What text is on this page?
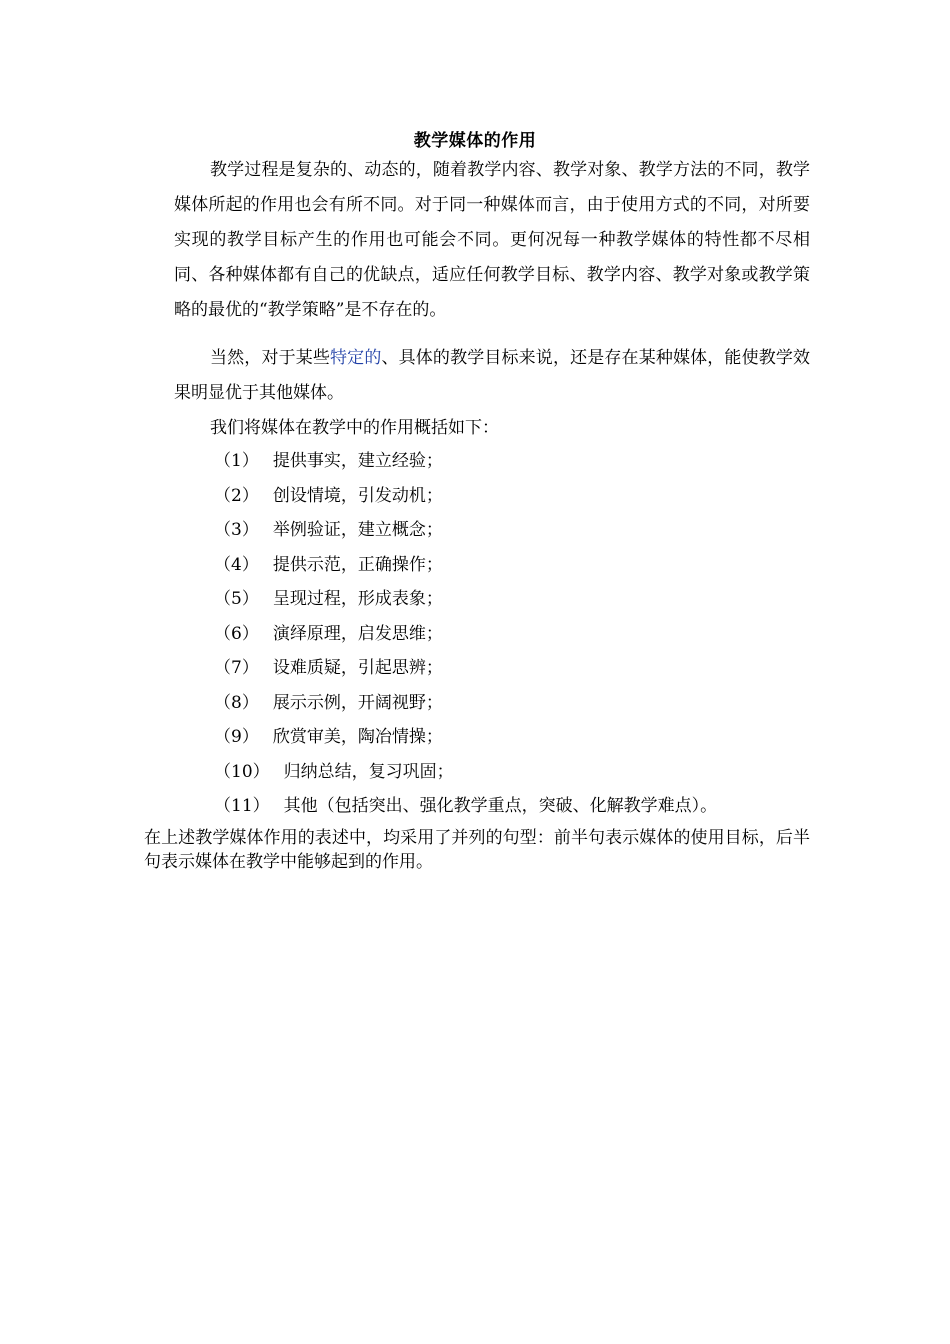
教学媒体的作用

教学过程是复杂的、动态的，随着教学内容、教学对象、教学方法的不同，教学媒体所起的作用也会有所不同。对于同一种媒体而言，由于使用方式的不同，对所要实现的教学目标产生的作用也可能会不同。更何况每一种教学媒体的特性都不尽相同、各种媒体都有自己的优缺点，适应任何教学目标、教学内容、教学对象或教学策略的最优的“教学策略”是不存在的。

当然，对于某些特定的、具体的教学目标来说，还是存在某种媒体，能使教学效果明显优于其他媒体。

我们将媒体在教学中的作用概括如下：

（1） 提供事实，建立经验；
（2） 创设情境，引发动机；
（3） 举例验证，建立概念；
（4） 提供示范，正确操作；
（5） 呈现过程，形成表象；
（6） 演绎原理，启发思维；
（7） 设难质疑，引起思辨；
（8） 展示示例，开阔视野；
（9） 欣赏审美，陶冶情操；
（10） 归纳总结，复习巩固；
（11） 其他（包括突出、强化教学重点，突破、化解教学难点）。

在上述教学媒体作用的表述中，均采用了并列的句型：前半句表示媒体的使用目标，后半句表示媒体在教学中能够起到的作用。
